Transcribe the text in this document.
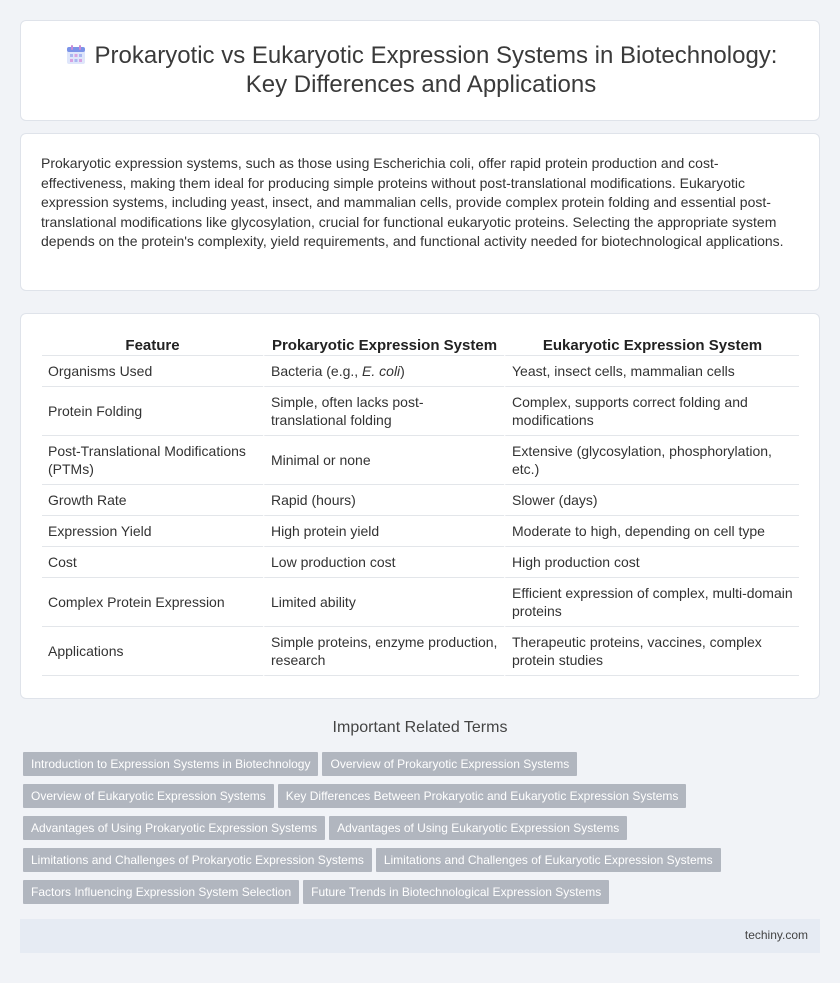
Prokaryotic vs Eukaryotic Expression Systems in Biotechnology:
Key Differences and Applications

Prokaryotic expression systems, such as those using Escherichia coli, offer rapid protein production and cost-effectiveness, making them ideal for producing simple proteins without post-translational modifications. Eukaryotic expression systems, including yeast, insect, and mammalian cells, provide complex protein folding and essential post-translational modifications like glycosylation, crucial for functional eukaryotic proteins. Selecting the appropriate system depends on the protein's complexity, yield requirements, and functional activity needed for biotechnological applications.

Feature	Prokaryotic Expression System	Eukaryotic Expression System
Organisms Used	Bacteria (e.g., E. coli)	Yeast, insect cells, mammalian cells
Protein Folding	Simple, often lacks post-translational folding	Complex, supports correct folding and modifications
Post-Translational Modifications (PTMs)	Minimal or none	Extensive (glycosylation, phosphorylation, etc.)
Growth Rate	Rapid (hours)	Slower (days)
Expression Yield	High protein yield	Moderate to high, depending on cell type
Cost	Low production cost	High production cost
Complex Protein Expression	Limited ability	Efficient expression of complex, multi-domain proteins
Applications	Simple proteins, enzyme production, research	Therapeutic proteins, vaccines, complex protein studies
Important Related Terms
Introduction to Expression Systems in Biotechnology Overview of Prokaryotic Expression Systems
Overview of Eukaryotic Expression Systems Key Differences Between Prokaryotic and Eukaryotic Expression Systems
Advantages of Using Prokaryotic Expression Systems Advantages of Using Eukaryotic Expression Systems
Limitations and Challenges of Prokaryotic Expression Systems Limitations and Challenges of Eukaryotic Expression Systems
Factors Influencing Expression System Selection Future Trends in Biotechnological Expression Systems
techiny.com
